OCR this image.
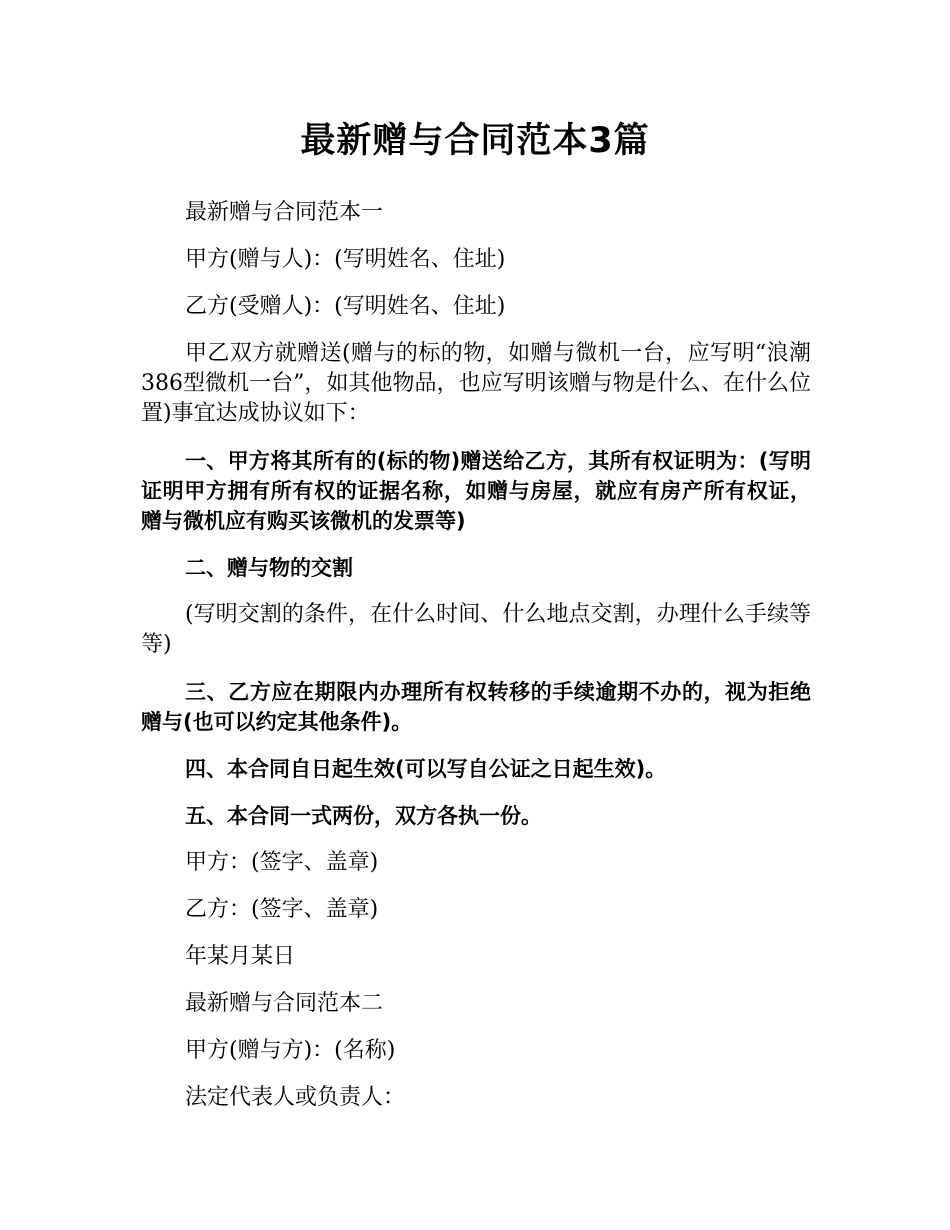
最新赠与合同范本3篇

最新赠与合同范本一

甲方(赠与人)：(写明姓名、住址)

乙方(受赠人)：(写明姓名、住址)

甲乙双方就赠送(赠与的标的物，如赠与微机一台，应写明“浪潮386型微机一台”，如其他物品，也应写明该赠与物是什么、在什么位置)事宜达成协议如下：

一、甲方将其所有的(标的物)赠送给乙方，其所有权证明为：(写明证明甲方拥有所有权的证据名称，如赠与房屋，就应有房产所有权证，赠与微机应有购买该微机的发票等)

二、赠与物的交割

(写明交割的条件，在什么时间、什么地点交割，办理什么手续等等)

三、乙方应在期限内办理所有权转移的手续逾期不办的，视为拒绝赠与(也可以约定其他条件)。

四、本合同自日起生效(可以写自公证之日起生效)。

五、本合同一式两份，双方各执一份。

甲方：(签字、盖章)

乙方：(签字、盖章)

年某月某日

最新赠与合同范本二

甲方(赠与方)：(名称)

法定代表人或负责人：
